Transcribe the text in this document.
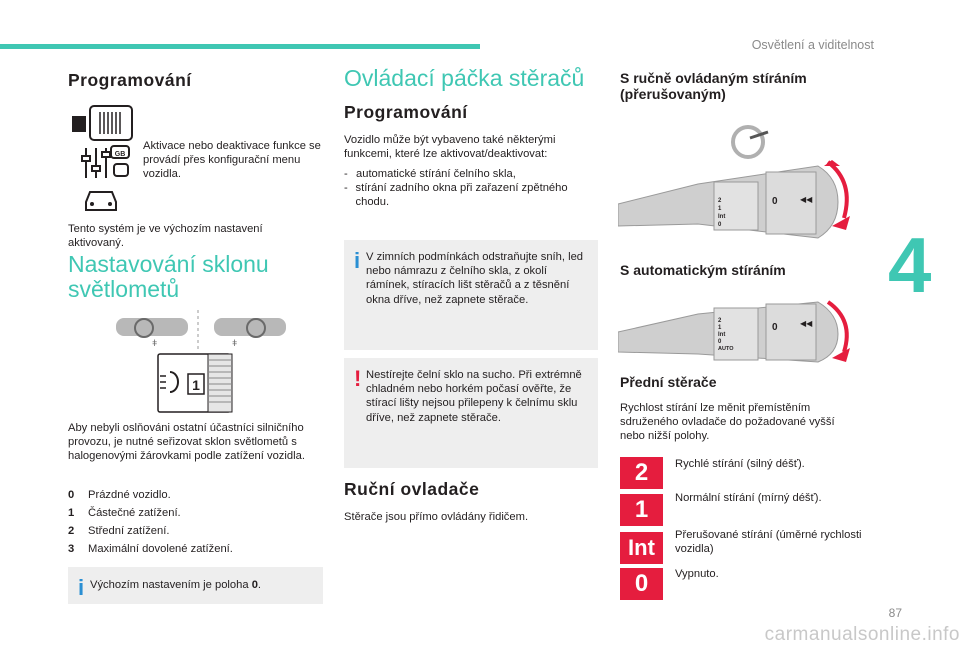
Osvětlení a viditelnost
4
87
carmanualsonline.info
Programování
GB
Aktivace nebo deaktivace funkce se provádí přes konfigurační menu vozidla.
Tento systém je ve výchozím nastavení aktivovaný.
Nastavování sklonu světlometů
ǂ	ǂ
1
Aby nebyli oslňováni ostatní účastníci silničního provozu, je nutné seřizovat sklon světlometů s halogenovými žárovkami podle zatížení vozidla.
0 Prázdné vozidlo.
1 Částečné zatížení.
2 Střední zatížení.
3 Maximální dovolené zatížení.
i Výchozím nastavením je poloha 0.
Ovládací páčka stěračů
Programování
Vozidlo může být vybaveno také některými funkcemi, které lze aktivovat/deaktivovat:
- automatické stírání čelního skla,
- stírání zadního okna při zařazení zpětného chodu.
i V zimních podmínkách odstraňujte sníh, led nebo námrazu z čelního skla, z okolí rámínek, stíracích lišt stěračů a z těsnění okna dříve, než zapnete stěrače.
! Nestírejte čelní sklo na sucho. Při extrémně chladném nebo horkém počasí ověřte, že stírací lišty nejsou přilepeny k čelnímu sklu dříve, než zapnete stěrače.
Ruční ovladače
Stěrače jsou přímo ovládány řidičem.
S ručně ovládaným stíráním (přerušovaným)
2
1
Int
0
0	◀◀
S automatickým stíráním
2
1
Int
0
AUTO
0	◀◀
Přední stěrače
Rychlost stírání lze měnit přemístěním sdruženého ovladače do požadované vyšší nebo nižší polohy.
2	Rychlé stírání (silný déšť).
1	Normální stírání (mírný déšť).
Int	Přerušované stírání (úměrné rychlosti vozidla)
0	Vypnuto.
